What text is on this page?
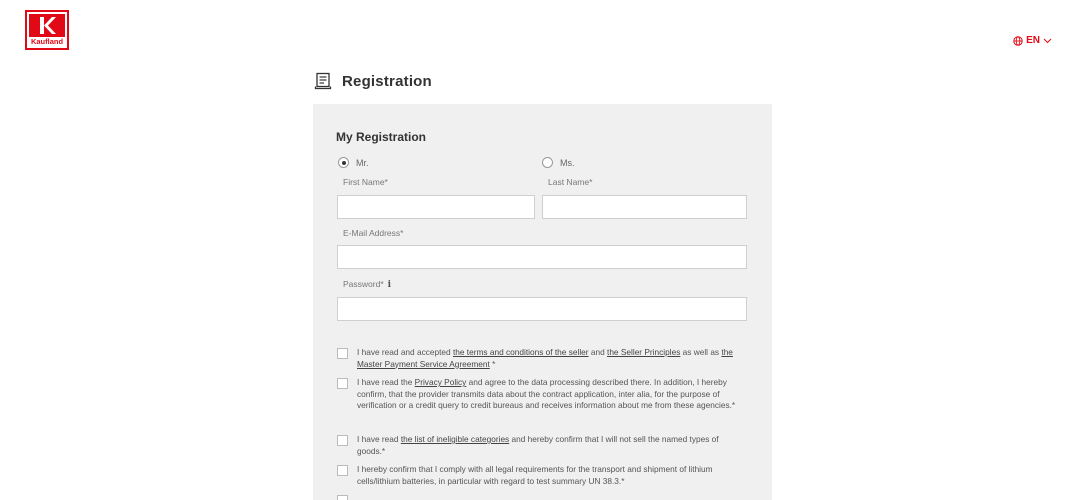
Kaufland	EN
Registration
My Registration
Mr.	Ms.
First Name*	Last Name*
E-Mail Address*
Password* i
I have read and accepted the terms and conditions of the seller and the Seller Principles as well as the Master Payment Service Agreement *
I have read the Privacy Policy and agree to the data processing described there. In addition, I hereby confirm, that the provider transmits data about the contract application, inter alia, for the purpose of verification or a credit query to credit bureaus and receives information about me from these agencies.*
I have read the list of ineligible categories and hereby confirm that I will not sell the named types of goods.*
I hereby confirm that I comply with all legal requirements for the transport and shipment of lithium cells/lithium batteries, in particular with regard to test summary UN 38.3.*
